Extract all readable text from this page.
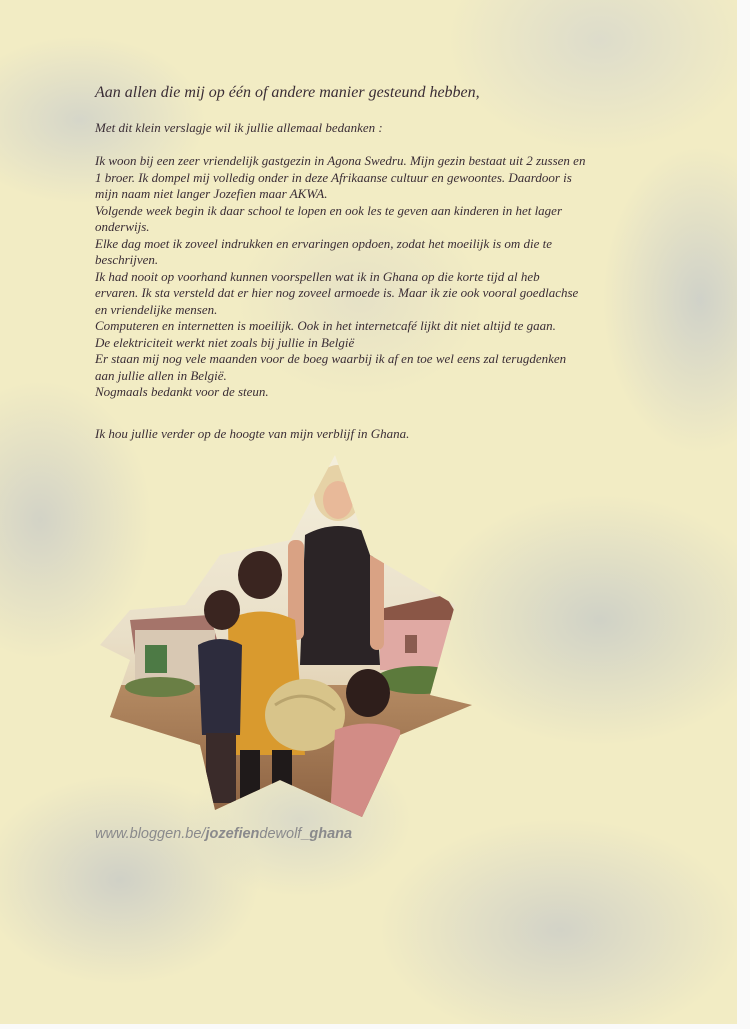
Aan allen die mij op één of andere manier gesteund hebben,

Met dit klein verslagje wil ik jullie allemaal bedanken :

Ik woon bij een zeer vriendelijk gastgezin in Agona Swedru. Mijn gezin bestaat uit 2 zussen en
1 broer. Ik dompel mij volledig onder in deze Afrikaanse cultuur en gewoontes. Daardoor is
mijn naam niet langer Jozefien maar AKWA.
Volgende week begin ik daar school te lopen en ook les te geven aan kinderen in het lager
onderwijs.
Elke dag moet ik zoveel indrukken en ervaringen opdoen, zodat het moeilijk is om die te
beschrijven.
Ik had nooit op voorhand kunnen voorspellen wat ik in Ghana op die korte tijd al heb
ervaren. Ik sta versteld dat er hier nog zoveel armoede is. Maar ik zie ook vooral goedlachse
en vriendelijke mensen.
Computeren en internetten is moeilijk. Ook in het internetcafé lijkt dit niet altijd te gaan.
De elektriciteit werkt niet zoals bij jullie in België
Er staan mij nog vele maanden voor de boeg waarbij ik af en toe wel eens zal terugdenken
aan jullie allen in België.
Nogmaals bedankt voor de steun.

Ik hou jullie verder op de hoogte van mijn verblijf in Ghana.

www.bloggen.be/jozefiendewolf_ghana
